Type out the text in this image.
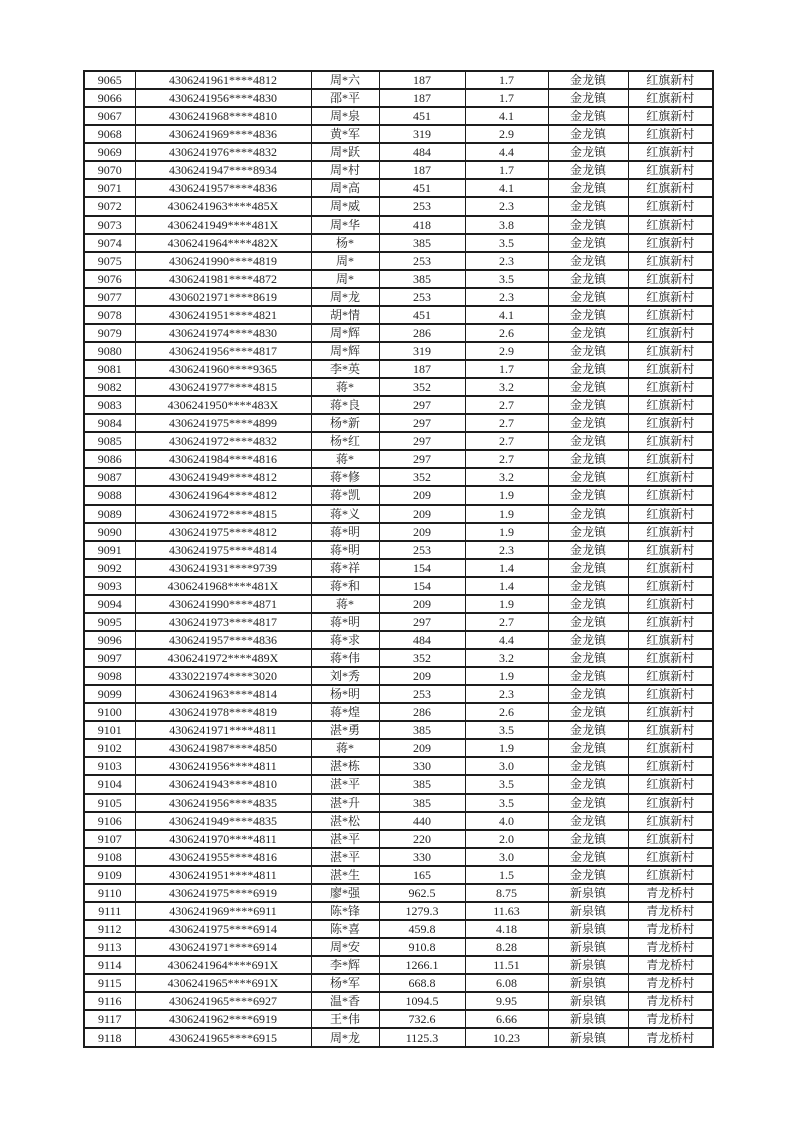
9065	4306241961****4812	周*六	187	1.7	金龙镇	红旗新村
9066	4306241956****4830	邵*平	187	1.7	金龙镇	红旗新村
9067	4306241968****4810	周*泉	451	4.1	金龙镇	红旗新村
9068	4306241969****4836	黄*军	319	2.9	金龙镇	红旗新村
9069	4306241976****4832	周*跃	484	4.4	金龙镇	红旗新村
9070	4306241947****8934	周*村	187	1.7	金龙镇	红旗新村
9071	4306241957****4836	周*高	451	4.1	金龙镇	红旗新村
9072	4306241963****485X	周*威	253	2.3	金龙镇	红旗新村
9073	4306241949****481X	周*华	418	3.8	金龙镇	红旗新村
9074	4306241964****482X	杨*	385	3.5	金龙镇	红旗新村
9075	4306241990****4819	周*	253	2.3	金龙镇	红旗新村
9076	4306241981****4872	周*	385	3.5	金龙镇	红旗新村
9077	4306021971****8619	周*龙	253	2.3	金龙镇	红旗新村
9078	4306241951****4821	胡*情	451	4.1	金龙镇	红旗新村
9079	4306241974****4830	周*辉	286	2.6	金龙镇	红旗新村
9080	4306241956****4817	周*辉	319	2.9	金龙镇	红旗新村
9081	4306241960****9365	李*英	187	1.7	金龙镇	红旗新村
9082	4306241977****4815	蒋*	352	3.2	金龙镇	红旗新村
9083	4306241950****483X	蒋*良	297	2.7	金龙镇	红旗新村
9084	4306241975****4899	杨*新	297	2.7	金龙镇	红旗新村
9085	4306241972****4832	杨*红	297	2.7	金龙镇	红旗新村
9086	4306241984****4816	蒋*	297	2.7	金龙镇	红旗新村
9087	4306241949****4812	蒋*修	352	3.2	金龙镇	红旗新村
9088	4306241964****4812	蒋*凯	209	1.9	金龙镇	红旗新村
9089	4306241972****4815	蒋*义	209	1.9	金龙镇	红旗新村
9090	4306241975****4812	蒋*明	209	1.9	金龙镇	红旗新村
9091	4306241975****4814	蒋*明	253	2.3	金龙镇	红旗新村
9092	4306241931****9739	蒋*祥	154	1.4	金龙镇	红旗新村
9093	4306241968****481X	蒋*和	154	1.4	金龙镇	红旗新村
9094	4306241990****4871	蒋*	209	1.9	金龙镇	红旗新村
9095	4306241973****4817	蒋*明	297	2.7	金龙镇	红旗新村
9096	4306241957****4836	蒋*求	484	4.4	金龙镇	红旗新村
9097	4306241972****489X	蒋*伟	352	3.2	金龙镇	红旗新村
9098	4330221974****3020	刘*秀	209	1.9	金龙镇	红旗新村
9099	4306241963****4814	杨*明	253	2.3	金龙镇	红旗新村
9100	4306241978****4819	蒋*煌	286	2.6	金龙镇	红旗新村
9101	4306241971****4811	湛*勇	385	3.5	金龙镇	红旗新村
9102	4306241987****4850	蒋*	209	1.9	金龙镇	红旗新村
9103	4306241956****4811	湛*栋	330	3.0	金龙镇	红旗新村
9104	4306241943****4810	湛*平	385	3.5	金龙镇	红旗新村
9105	4306241956****4835	湛*升	385	3.5	金龙镇	红旗新村
9106	4306241949****4835	湛*松	440	4.0	金龙镇	红旗新村
9107	4306241970****4811	湛*平	220	2.0	金龙镇	红旗新村
9108	4306241955****4816	湛*平	330	3.0	金龙镇	红旗新村
9109	4306241951****4811	湛*生	165	1.5	金龙镇	红旗新村
9110	4306241975****6919	廖*强	962.5	8.75	新泉镇	青龙桥村
9111	4306241969****6911	陈*锋	1279.3	11.63	新泉镇	青龙桥村
9112	4306241975****6914	陈*喜	459.8	4.18	新泉镇	青龙桥村
9113	4306241971****6914	周*安	910.8	8.28	新泉镇	青龙桥村
9114	4306241964****691X	李*辉	1266.1	11.51	新泉镇	青龙桥村
9115	4306241965****691X	杨*军	668.8	6.08	新泉镇	青龙桥村
9116	4306241965****6927	温*香	1094.5	9.95	新泉镇	青龙桥村
9117	4306241962****6919	王*伟	732.6	6.66	新泉镇	青龙桥村
9118	4306241965****6915	周*龙	1125.3	10.23	新泉镇	青龙桥村
